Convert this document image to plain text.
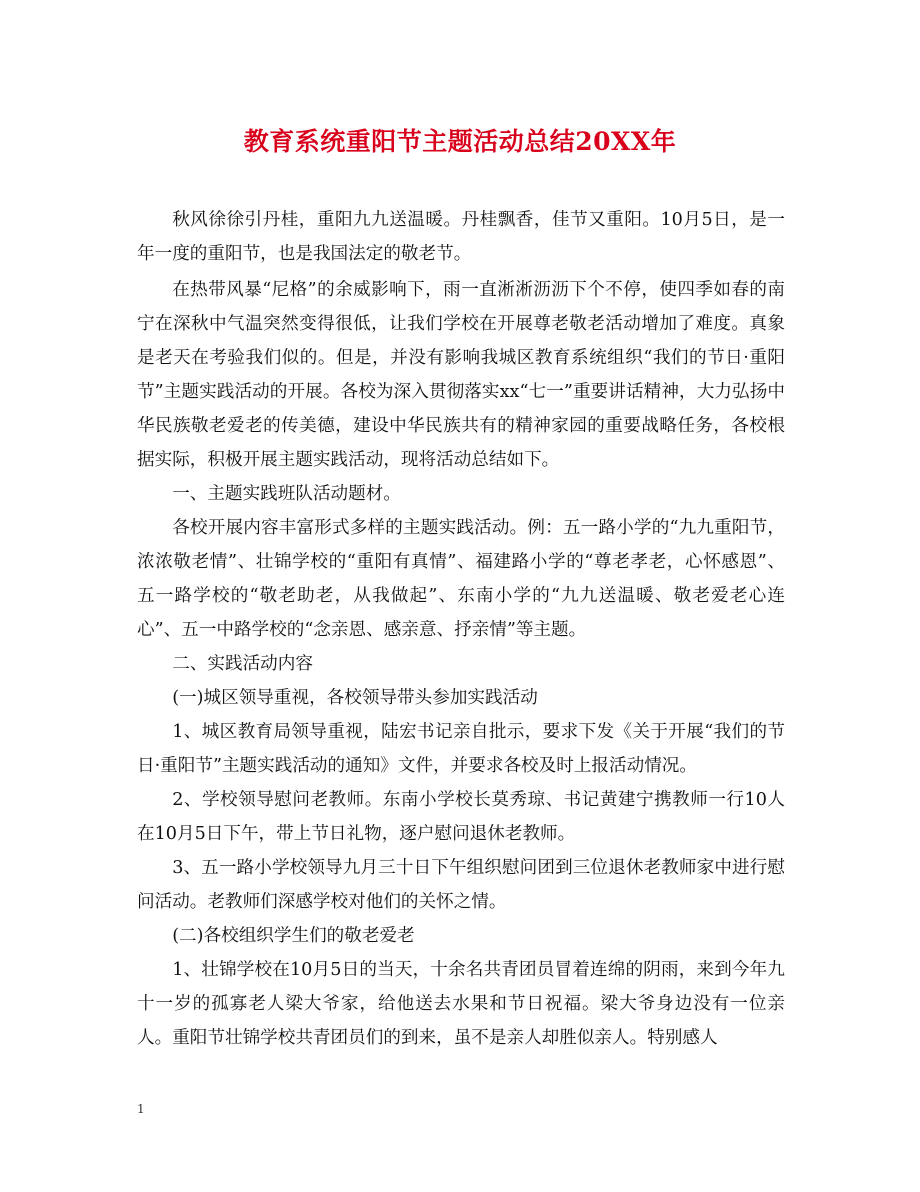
教育系统重阳节主题活动总结20XX年

秋风徐徐引丹桂，重阳九九送温暖。丹桂飘香，佳节又重阳。10月5日，是一年一度的重阳节，也是我国法定的敬老节。

在热带风暴“尼格”的余威影响下，雨一直淅淅沥沥下个不停，使四季如春的南宁在深秋中气温突然变得很低，让我们学校在开展尊老敬老活动增加了难度。真象是老天在考验我们似的。但是，并没有影响我城区教育系统组织“我们的节日·重阳节”主题实践活动的开展。各校为深入贯彻落实xx“七一”重要讲话精神，大力弘扬中华民族敬老爱老的传美德，建设中华民族共有的精神家园的重要战略任务，各校根据实际，积极开展主题实践活动，现将活动总结如下。

一、主题实践班队活动题材。

各校开展内容丰富形式多样的主题实践活动。例：五一路小学的“九九重阳节，浓浓敬老情”、壮锦学校的“重阳有真情”、福建路小学的“尊老孝老，心怀感恩”、 五一路学校的“敬老助老，从我做起”、东南小学的“九九送温暖、敬老爱老心连心”、五一中路学校的“念亲恩、感亲意、抒亲情”等主题。

二、实践活动内容

(一)城区领导重视，各校领导带头参加实践活动

1、城区教育局领导重视，陆宏书记亲自批示，要求下发《关于开展“我们的节日·重阳节”主题实践活动的通知》文件，并要求各校及时上报活动情况。

2、学校领导慰问老教师。东南小学校长莫秀琼、书记黄建宁携教师一行10人在10月5日下午，带上节日礼物，逐户慰问退休老教师。

3、五一路小学校领导九月三十日下午组织慰问团到三位退休老教师家中进行慰问活动。老教师们深感学校对他们的关怀之情。

(二)各校组织学生们的敬老爱老

1、壮锦学校在10月5日的当天，十余名共青团员冒着连绵的阴雨，来到今年九十一岁的孤寡老人梁大爷家，给他送去水果和节日祝福。梁大爷身边没有一位亲人。重阳节壮锦学校共青团员们的到来，虽不是亲人却胜似亲人。特别感人

1
